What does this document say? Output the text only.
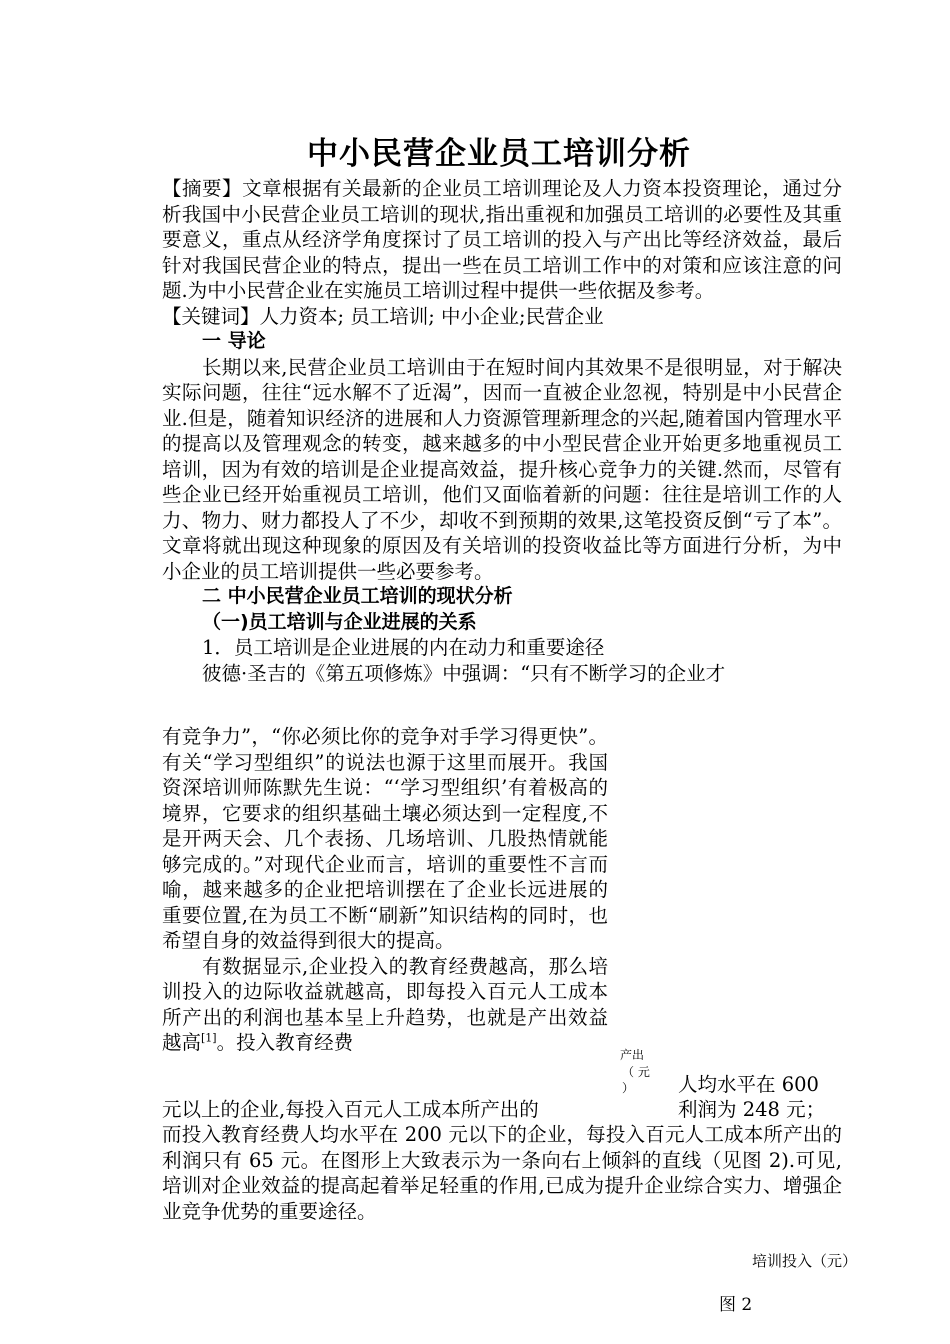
中小民营企业员工培训分析

【摘要】文章根据有关最新的企业员工培训理论及人力资本投资理论，通过分析我国中小民营企业员工培训的现状,指出重视和加强员工培训的必要性及其重要意义，重点从经济学角度探讨了员工培训的投入与产出比等经济效益，最后针对我国民营企业的特点，提出一些在员工培训工作中的对策和应该注意的问题.为中小民营企业在实施员工培训过程中提供一些依据及参考。

【关键词】人力资本; 员工培训; 中小企业;民营企业

一 导论

长期以来,民营企业员工培训由于在短时间内其效果不是很明显，对于解决实际问题，往往“远水解不了近渴”，因而一直被企业忽视，特别是中小民营企业.但是，随着知识经济的进展和人力资源管理新理念的兴起,随着国内管理水平的提高以及管理观念的转变，越来越多的中小型民营企业开始更多地重视员工培训，因为有效的培训是企业提高效益，提升核心竞争力的关键.然而，尽管有些企业已经开始重视员工培训，他们又面临着新的问题：往往是培训工作的人力、物力、财力都投人了不少，却收不到预期的效果,这笔投资反倒“亏了本”。文章将就出现这种现象的原因及有关培训的投资收益比等方面进行分析，为中小企业的员工培训提供一些必要参考。

二 中小民营企业员工培训的现状分析

（一)员工培训与企业进展的关系

1．员工培训是企业进展的内在动力和重要途径

彼德·圣吉的《第五项修炼》中强调：“只有不断学习的企业才

有竞争力”，“你必须比你的竞争对手学习得更快”。有关“学习型组织”的说法也源于这里而展开。我国资深培训师陈默先生说：“‘学习型组织’有着极高的境界，它要求的组织基础土壤必须达到一定程度,不是开两天会、几个表扬、几场培训、几股热情就能够完成的。”对现代企业而言，培训的重要性不言而喻，越来越多的企业把培训摆在了企业长远进展的重要位置,在为员工不断“刷新”知识结构的同时，也希望自身的效益得到很大的提高。

有数据显示,企业投入的教育经费越高，那么培训投入的边际收益就越高，即每投入百元人工成本所产出的利润也基本呈上升趋势，也就是产出效益越高[1]。投入教育经费

元以上的企业,每投入百元人工成本所产出的
人均水平在 600
利润为 248 元；
产出
（ 元
）

而投入教育经费人均水平在 200 元以下的企业，每投入百元人工成本所产出的利润只有 65 元。在图形上大致表示为一条向右上倾斜的直线（见图 2).可见,培训对企业效益的提高起着举足轻重的作用,已成为提升企业综合实力、增强企业竞争优势的重要途径。

培训投入（元）
图 2
